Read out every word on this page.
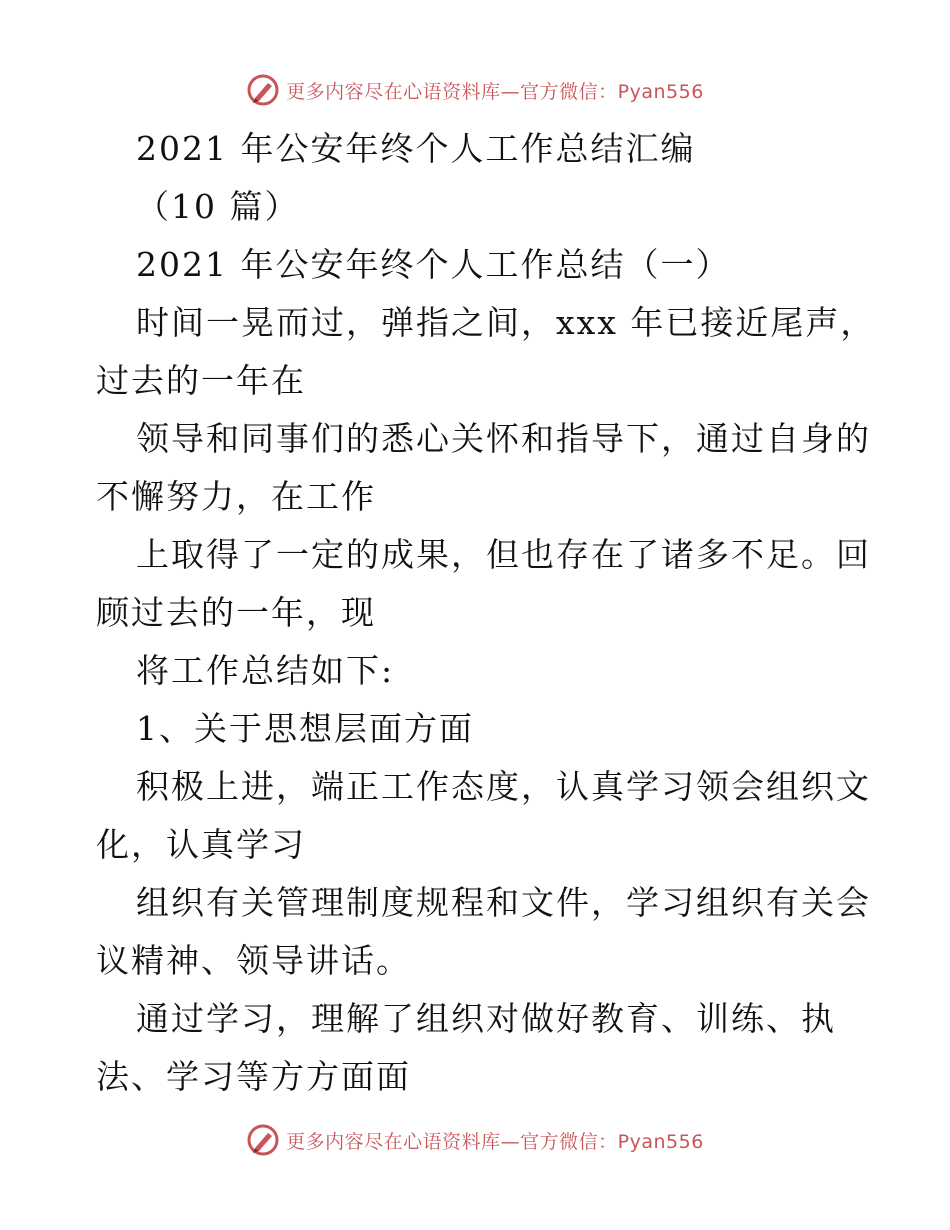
更多内容尽在心语资料库—官方微信：Pyan556

2021 年公安年终个人工作总结汇编

（10 篇）

2021 年公安年终个人工作总结（一）

时间一晃而过，弹指之间，xxx 年已接近尾声，

过去的一年在

领导和同事们的悉心关怀和指导下，通过自身的

不懈努力，在工作

上取得了一定的成果，但也存在了诸多不足。回

顾过去的一年，现

将工作总结如下:

1、关于思想层面方面

积极上进，端正工作态度，认真学习领会组织文

化，认真学习

组织有关管理制度规程和文件，学习组织有关会

议精神、领导讲话。

通过学习，理解了组织对做好教育、训练、执

法、学习等方方面面

更多内容尽在心语资料库—官方微信：Pyan556
